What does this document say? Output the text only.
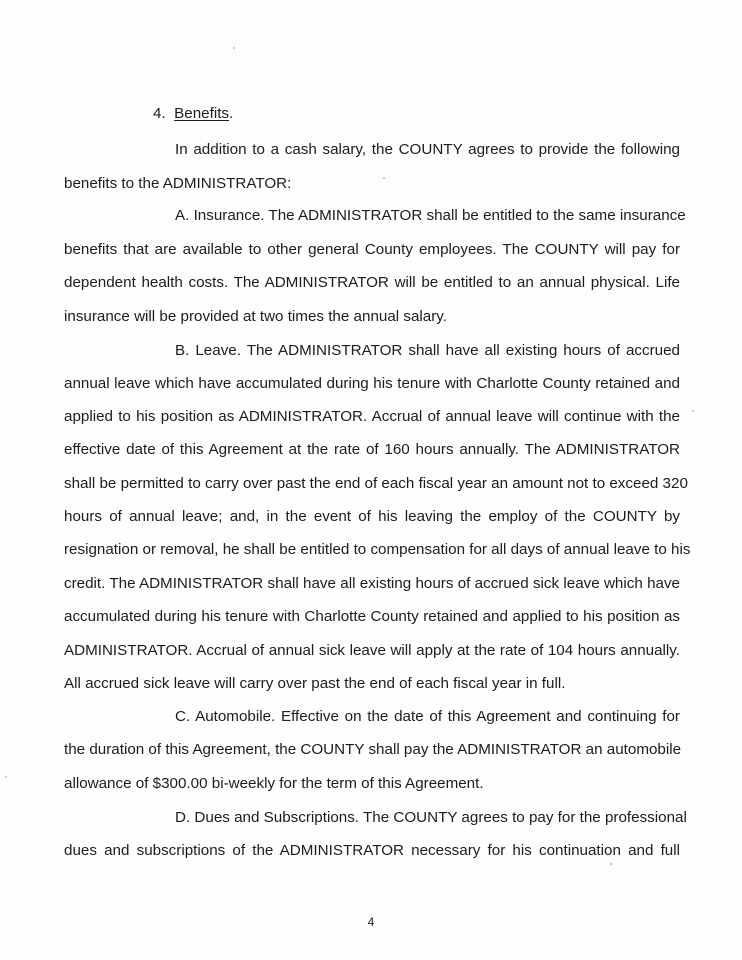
4. Benefits.
In addition to a cash salary, the COUNTY agrees to provide the following
benefits to the ADMINISTRATOR:
A. Insurance. The ADMINISTRATOR shall be entitled to the same insurance
benefits that are available to other general County employees. The COUNTY will pay for
dependent health costs. The ADMINISTRATOR will be entitled to an annual physical. Life
insurance will be provided at two times the annual salary.
B. Leave. The ADMINISTRATOR shall have all existing hours of accrued
annual leave which have accumulated during his tenure with Charlotte County retained and
applied to his position as ADMINISTRATOR. Accrual of annual leave will continue with the
effective date of this Agreement at the rate of 160 hours annually. The ADMINISTRATOR
shall be permitted to carry over past the end of each fiscal year an amount not to exceed 320
hours of annual leave; and, in the event of his leaving the employ of the COUNTY by
resignation or removal, he shall be entitled to compensation for all days of annual leave to his
credit. The ADMINISTRATOR shall have all existing hours of accrued sick leave which have
accumulated during his tenure with Charlotte County retained and applied to his position as
ADMINISTRATOR. Accrual of annual sick leave will apply at the rate of 104 hours annually.
All accrued sick leave will carry over past the end of each fiscal year in full.
C. Automobile. Effective on the date of this Agreement and continuing for
the duration of this Agreement, the COUNTY shall pay the ADMINISTRATOR an automobile
allowance of $300.00 bi-weekly for the term of this Agreement.
D. Dues and Subscriptions. The COUNTY agrees to pay for the professional
dues and subscriptions of the ADMINISTRATOR necessary for his continuation and full
4
